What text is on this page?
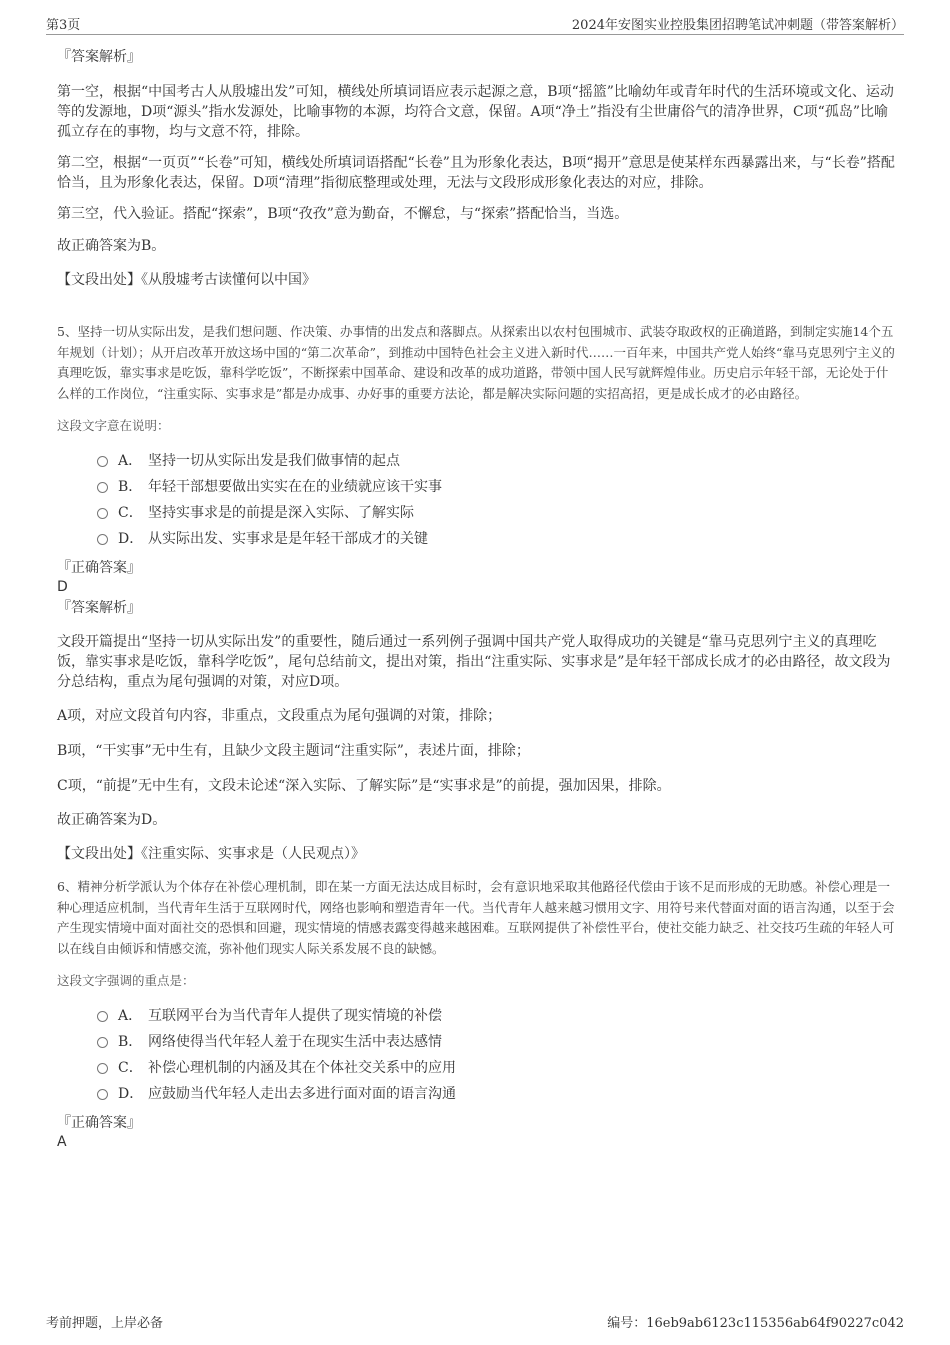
第3页	2024年安图实业控股集团招聘笔试冲刺题（带答案解析）

『答案解析』

第一空，根据“中国考古人从殷墟出发”可知，横线处所填词语应表示起源之意，B项“摇篮”比喻幼年或青年时代的生活环境或文化、运动等的发源地，D项“源头”指水发源处，比喻事物的本源，均符合文意，保留。A项“净土”指没有尘世庸俗气的清净世界，C项“孤岛”比喻孤立存在的事物，均与文意不符，排除。

第二空，根据“一页页”“长卷”可知，横线处所填词语搭配“长卷”且为形象化表达，B项“揭开”意思是使某样东西暴露出来，与“长卷”搭配恰当，且为形象化表达，保留。D项“清理”指彻底整理或处理，无法与文段形成形象化表达的对应，排除。

第三空，代入验证。搭配“探索”，B项“孜孜”意为勤奋，不懈怠，与“探索”搭配恰当，当选。

故正确答案为B。

【文段出处】《从殷墟考古读懂何以中国》

5、坚持一切从实际出发，是我们想问题、作决策、办事情的出发点和落脚点。从探索出以农村包围城市、武装夺取政权的正确道路，到制定实施14个五年规划（计划）；从开启改革开放这场中国的“第二次革命”，到推动中国特色社会主义进入新时代……一百年来，中国共产党人始终“靠马克思列宁主义的真理吃饭，靠实事求是吃饭，靠科学吃饭”，不断探索中国革命、建设和改革的成功道路，带领中国人民写就辉煌伟业。历史启示年轻干部，无论处于什么样的工作岗位，“注重实际、实事求是”都是办成事、办好事的重要方法论，都是解决实际问题的实招高招，更是成长成才的必由路径。

这段文字意在说明：

A． 坚持一切从实际出发是我们做事情的起点
B． 年轻干部想要做出实实在在的业绩就应该干实事
C． 坚持实事求是的前提是深入实际、了解实际
D． 从实际出发、实事求是是年轻干部成才的关键

『正确答案』

D

『答案解析』

文段开篇提出“坚持一切从实际出发”的重要性，随后通过一系列例子强调中国共产党人取得成功的关键是“靠马克思列宁主义的真理吃饭，靠实事求是吃饭，靠科学吃饭”，尾句总结前文，提出对策，指出“注重实际、实事求是”是年轻干部成长成才的必由路径，故文段为分总结构，重点为尾句强调的对策，对应D项。

A项，对应文段首句内容，非重点，文段重点为尾句强调的对策，排除；

B项，“干实事”无中生有，且缺少文段主题词“注重实际”，表述片面，排除；

C项，“前提”无中生有，文段未论述“深入实际、了解实际”是“实事求是”的前提，强加因果，排除。

故正确答案为D。

【文段出处】《注重实际、实事求是（人民观点）》

6、精神分析学派认为个体存在补偿心理机制，即在某一方面无法达成目标时，会有意识地采取其他路径代偿由于该不足而形成的无助感。补偿心理是一种心理适应机制，当代青年生活于互联网时代，网络也影响和塑造青年一代。当代青年人越来越习惯用文字、用符号来代替面对面的语言沟通，以至于会产生现实情境中面对面社交的恐惧和回避，现实情境的情感表露变得越来越困难。互联网提供了补偿性平台，使社交能力缺乏、社交技巧生疏的年轻人可以在线自由倾诉和情感交流，弥补他们现实人际关系发展不良的缺憾。

这段文字强调的重点是：

A． 互联网平台为当代青年人提供了现实情境的补偿
B． 网络使得当代年轻人羞于在现实生活中表达感情
C． 补偿心理机制的内涵及其在个体社交关系中的应用
D． 应鼓励当代年轻人走出去多进行面对面的语言沟通

『正确答案』

A

考前押题，上岸必备	编号：16eb9ab6123c115356ab64f90227c042
